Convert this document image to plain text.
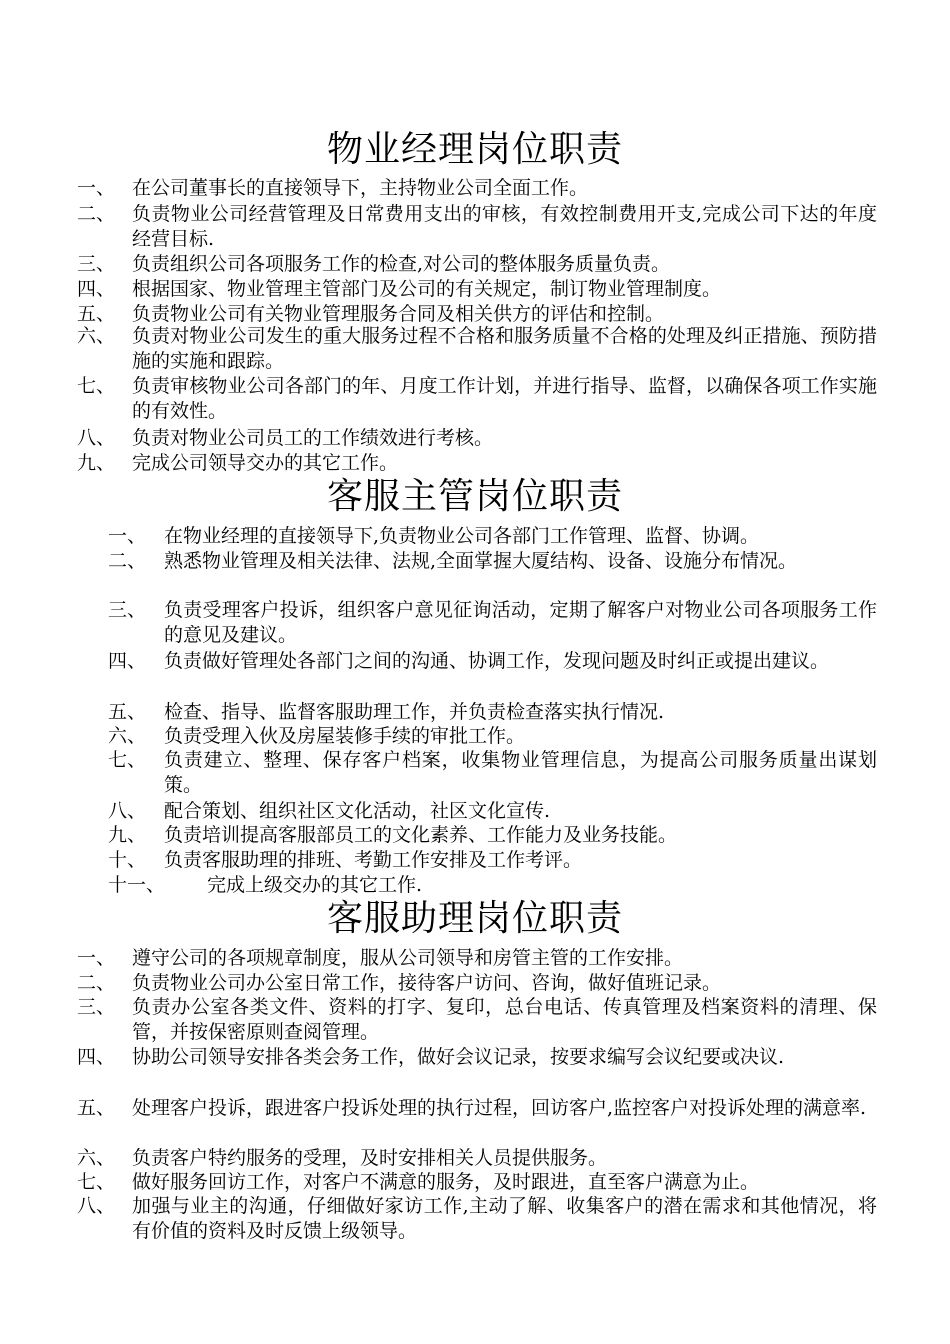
物业经理岗位职责
一、 在公司董事长的直接领导下，主持物业公司全面工作。
二、 负责物业公司经营管理及日常费用支出的审核，有效控制费用开支,完成公司下达的年度经营目标.
三、 负责组织公司各项服务工作的检查,对公司的整体服务质量负责。
四、 根据国家、物业管理主管部门及公司的有关规定，制订物业管理制度。
五、 负责物业公司有关物业管理服务合同及相关供方的评估和控制。
六、 负责对物业公司发生的重大服务过程不合格和服务质量不合格的处理及纠正措施、预防措施的实施和跟踪。
七、 负责审核物业公司各部门的年、月度工作计划，并进行指导、监督，以确保各项工作实施的有效性。
八、 负责对物业公司员工的工作绩效进行考核。
九、 完成公司领导交办的其它工作。
客服主管岗位职责
一、 在物业经理的直接领导下,负责物业公司各部门工作管理、监督、协调。
二、 熟悉物业管理及相关法律、法规,全面掌握大厦结构、设备、设施分布情况。
三、 负责受理客户投诉，组织客户意见征询活动，定期了解客户对物业公司各项服务工作的意见及建议。
四、 负责做好管理处各部门之间的沟通、协调工作，发现问题及时纠正或提出建议。
五、 检查、指导、监督客服助理工作，并负责检查落实执行情况.
六、 负责受理入伙及房屋装修手续的审批工作。
七、 负责建立、整理、保存客户档案，收集物业管理信息，为提高公司服务质量出谋划策。
八、 配合策划、组织社区文化活动，社区文化宣传.
九、 负责培训提高客服部员工的文化素养、工作能力及业务技能。
十、 负责客服助理的排班、考勤工作安排及工作考评。
十一、 完成上级交办的其它工作.
客服助理岗位职责
一、 遵守公司的各项规章制度，服从公司领导和房管主管的工作安排。
二、 负责物业公司办公室日常工作，接待客户访问、咨询，做好值班记录。
三、 负责办公室各类文件、资料的打字、复印，总台电话、传真管理及档案资料的清理、保管，并按保密原则查阅管理。
四、 协助公司领导安排各类会务工作，做好会议记录，按要求编写会议纪要或决议.
五、 处理客户投诉，跟进客户投诉处理的执行过程，回访客户,监控客户对投诉处理的满意率.
六、 负责客户特约服务的受理，及时安排相关人员提供服务。
七、 做好服务回访工作，对客户不满意的服务，及时跟进，直至客户满意为止。
八、 加强与业主的沟通，仔细做好家访工作,主动了解、收集客户的潜在需求和其他情况，将有价值的资料及时反馈上级领导。
